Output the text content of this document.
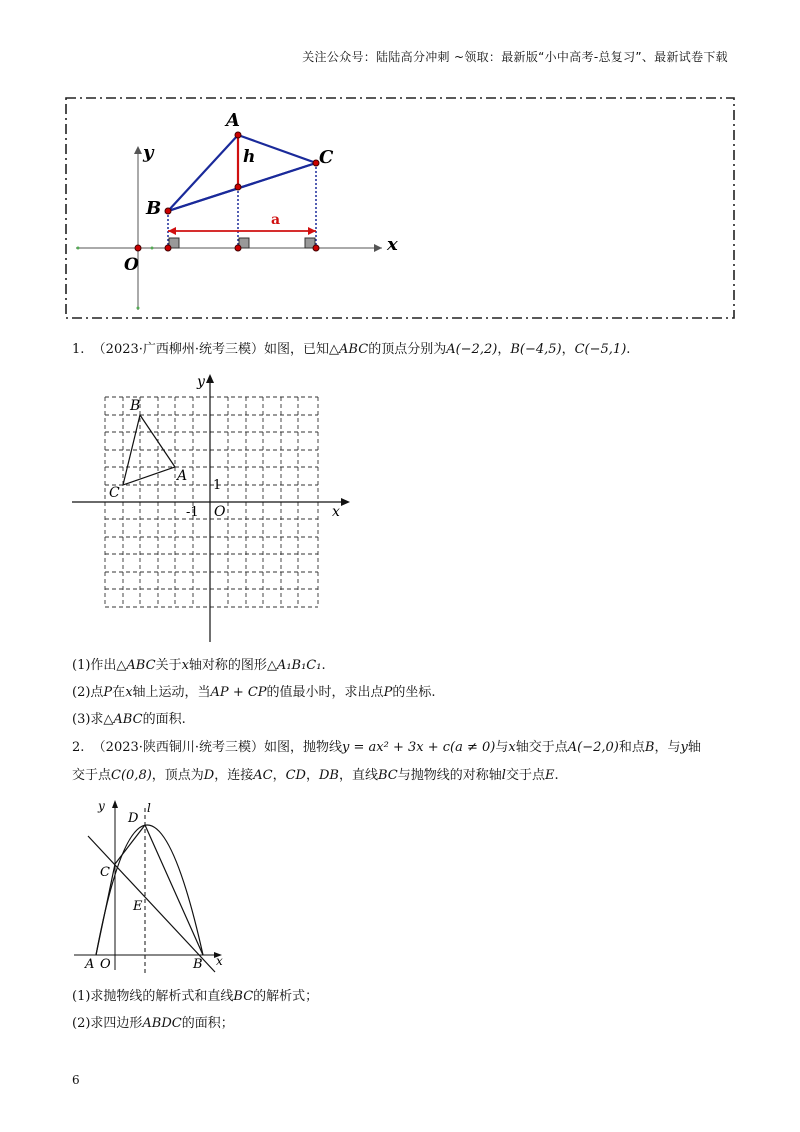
关注公众号：陆陆高分冲刺 ~领取：最新版“小中高考-总复习”、最新试卷下载
A
B
C
h
a
y
x
O
1. （2023·广西柳州·统考三模）如图，已知△ABC的顶点分别为A(−2,2)，B(−4,5)，C(−5,1).
y
x
O
1
-1
A
B
C
(1)作出△ABC关于x轴对称的图形△A₁B₁C₁.
(2)点P在x轴上运动，当AP + CP的值最小时，求出点P的坐标.
(3)求△ABC的面积.
2. （2023·陕西铜川·统考三模）如图，抛物线y = ax² + 3x + c(a ≠ 0)与x轴交于点A(−2,0)和点B，与y轴
交于点C(0,8)，顶点为D，连接AC，CD，DB，直线BC与抛物线的对称轴l交于点E.
y	l
D
C
E
A O	B x
(1)求抛物线的解析式和直线BC的解析式；
(2)求四边形ABDC的面积；
6
